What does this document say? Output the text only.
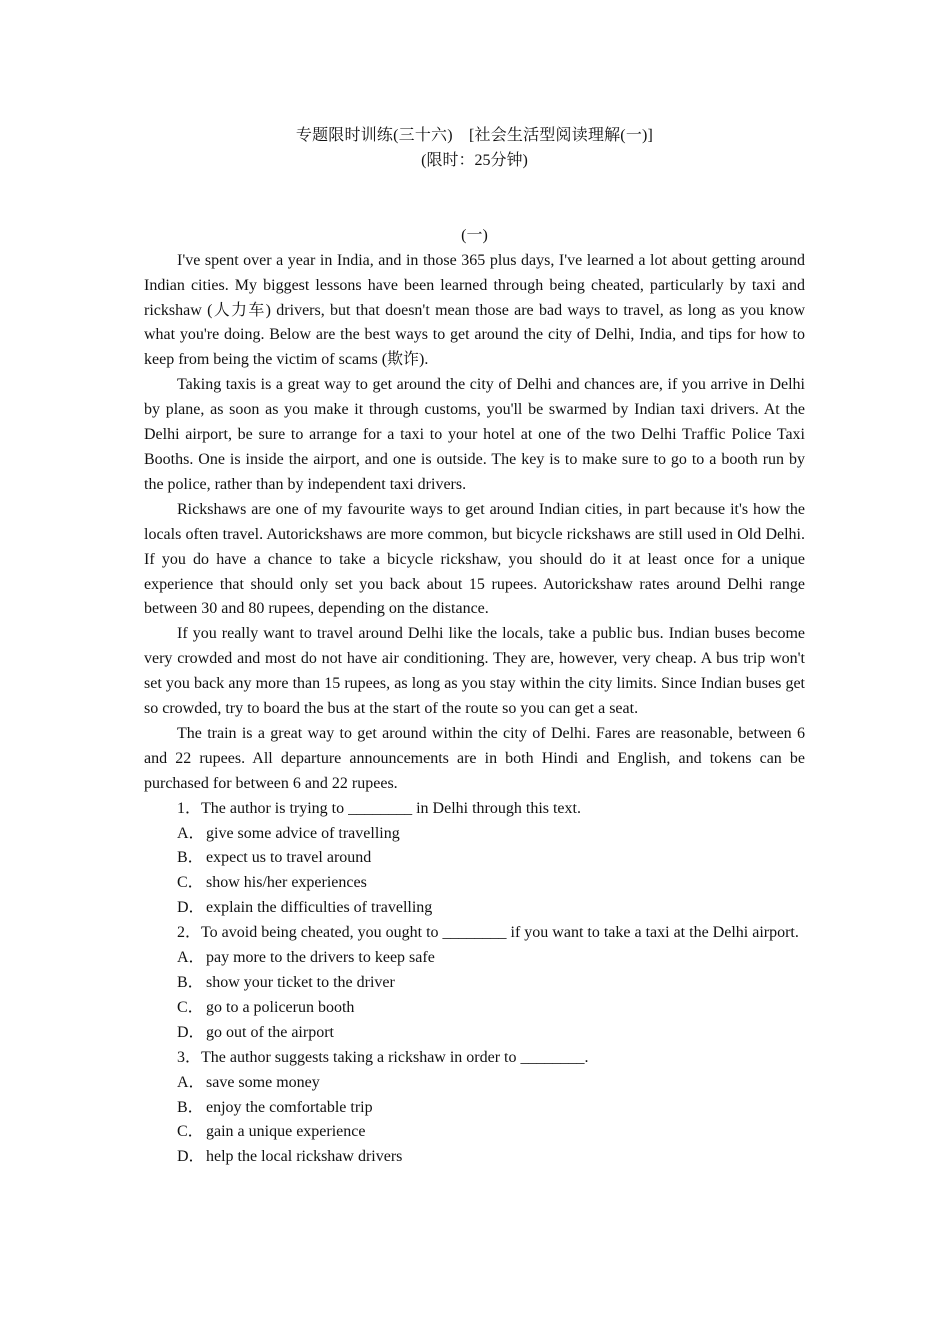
专题限时训练(三十六)　[社会生活型阅读理解(一)]

(限时：25分钟)

(一)

I've spent over a year in India, and in those 365 plus days, I've learned a lot about getting around Indian cities. My biggest lessons have been learned through being cheated, particularly by taxi and rickshaw (人力车) drivers, but that doesn't mean those are bad ways to travel, as long as you know what you're doing. Below are the best ways to get around the city of Delhi, India, and tips for how to keep from being the victim of scams (欺诈).

Taking taxis is a great way to get around the city of Delhi and chances are, if you arrive in Delhi by plane, as soon as you make it through customs, you'll be swarmed by Indian taxi drivers. At the Delhi airport, be sure to arrange for a taxi to your hotel at one of the two Delhi Traffic Police Taxi Booths. One is inside the airport, and one is outside. The key is to make sure to go to a booth run by the police, rather than by independent taxi drivers.

Rickshaws are one of my favourite ways to get around Indian cities, in part because it's how the locals often travel. Autorickshaws are more common, but bicycle rickshaws are still used in Old Delhi. If you do have a chance to take a bicycle rickshaw, you should do it at least once for a unique experience that should only set you back about 15 rupees. Autorickshaw rates around Delhi range between 30 and 80 rupees, depending on the distance.

If you really want to travel around Delhi like the locals, take a public bus. Indian buses become very crowded and most do not have air conditioning. They are, however, very cheap. A bus trip won't set you back any more than 15 rupees, as long as you stay within the city limits. Since Indian buses get so crowded, try to board the bus at the start of the route so you can get a seat.

The train is a great way to get around within the city of Delhi. Fares are reasonable, between 6 and 22 rupees. All departure announcements are in both Hindi and English, and tokens can be purchased for between 6 and 22 rupees.

1．The author is trying to ________ in Delhi through this text.

A．give some advice of travelling

B． expect us to travel around

C． show his/her experiences

D．explain the difficulties of travelling

2．To avoid being cheated, you ought to ________ if you want to take a taxi at the Delhi airport.

A．pay more to the drivers to keep safe

B． show your ticket to the driver

C． go to a policerun booth

D．go out of the airport

3．The author suggests taking a rickshaw in order to ________.

A．save some money

B． enjoy the comfortable trip

C． gain a unique experience

D．help the local rickshaw drivers
